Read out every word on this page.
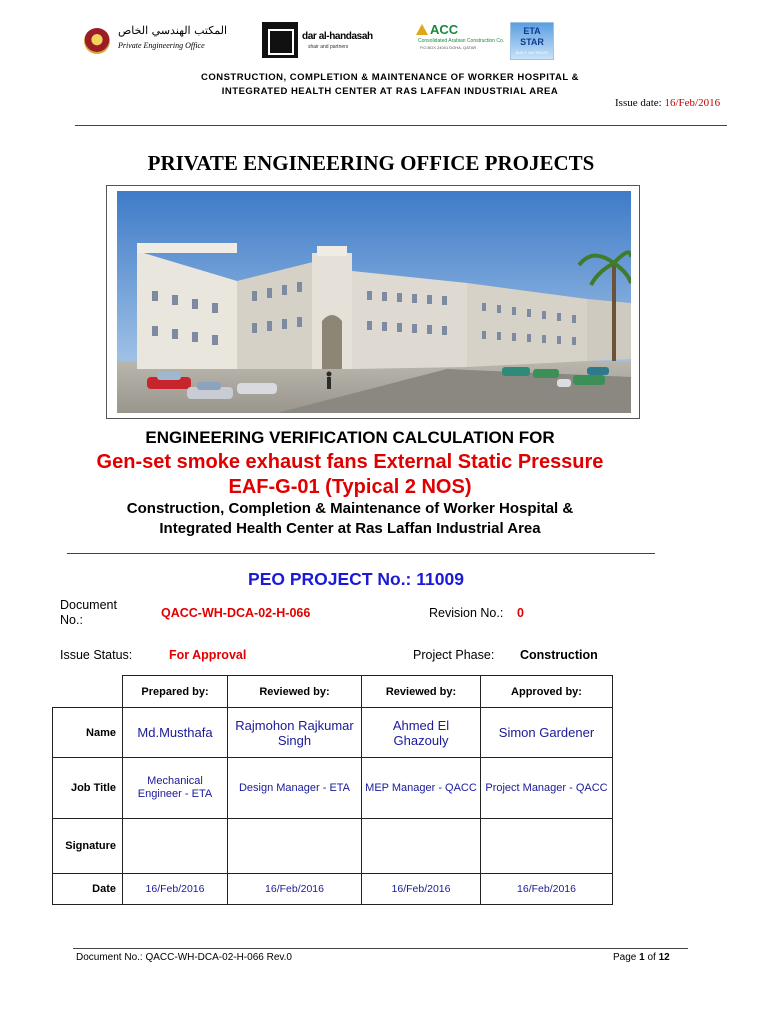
المكتب الهندسي الخاص
Private Engineering Office
dar al-handasah
shair and partners
ACC
Consolidated Arabian Construction Co.
P.O.BOX 24001 DOHA, QATAR
ETA
STAR
BUILT ON TRUST
CONSTRUCTION, COMPLETION & MAINTENANCE OF WORKER HOSPITAL &
INTEGRATED HEALTH CENTER AT RAS LAFFAN INDUSTRIAL AREA
Issue date: 16/Feb/2016
PRIVATE ENGINEERING OFFICE PROJECTS
ENGINEERING VERIFICATION CALCULATION FOR
Gen-set smoke exhaust fans External Static Pressure
EAF-G-01 (Typical 2 NOS)
Construction, Completion & Maintenance of Worker Hospital &
Integrated Health Center at Ras Laffan Industrial Area
PEO PROJECT No.: 11009
Document No.:	QACC-WH-DCA-02-H-066	Revision No.: 0
Issue Status:	For Approval	Project Phase: Construction
	Prepared by:	Reviewed by:	Reviewed by:	Approved by:
Name	Md.Musthafa	Rajmohon Rajkumar Singh	Ahmed El Ghazouly	Simon Gardener
Job Title	Mechanical Engineer - ETA	Design Manager - ETA	MEP Manager - QACC	Project Manager - QACC
Signature				
Date	16/Feb/2016	16/Feb/2016	16/Feb/2016	16/Feb/2016
Document No.: QACC-WH-DCA-02-H-066 Rev.0	Page 1 of 12
